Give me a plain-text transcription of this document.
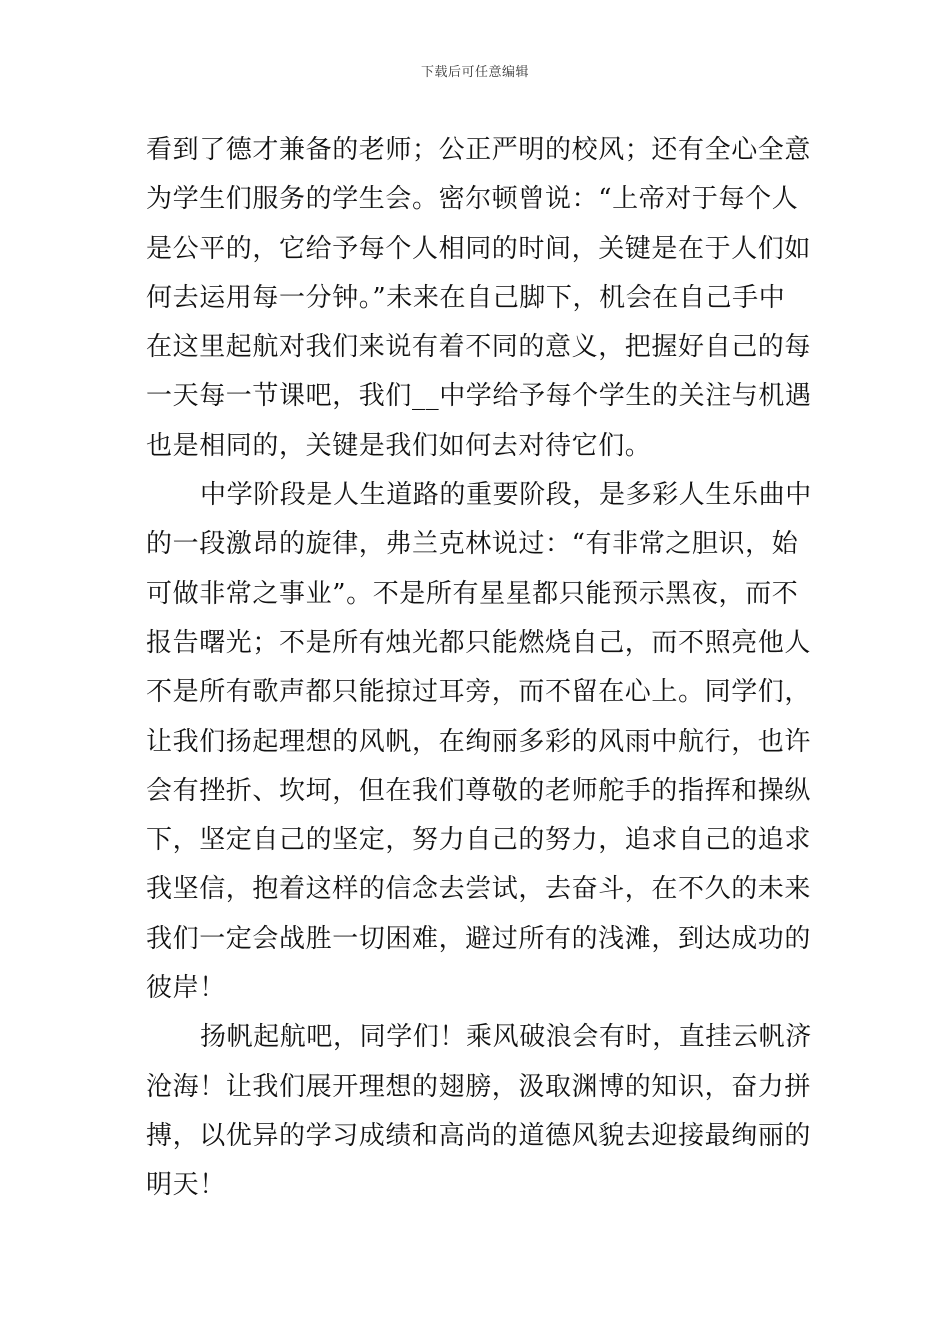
下载后可任意编辑
看到了德才兼备的老师；公正严明的校风；还有全心全意
为学生们服务的学生会。密尔顿曾说：“上帝对于每个人
是公平的，它给予每个人相同的时间，关键是在于人们如
何去运用每一分钟。”未来在自己脚下，机会在自己手中
在这里起航对我们来说有着不同的意义，把握好自己的每
一天每一节课吧，我们__中学给予每个学生的关注与机遇
也是相同的，关键是我们如何去对待它们。
中学阶段是人生道路的重要阶段，是多彩人生乐曲中
的一段激昂的旋律，弗兰克林说过：“有非常之胆识，始
可做非常之事业”。不是所有星星都只能预示黑夜，而不
报告曙光；不是所有烛光都只能燃烧自己，而不照亮他人
不是所有歌声都只能掠过耳旁，而不留在心上。同学们，
让我们扬起理想的风帆，在绚丽多彩的风雨中航行，也许
会有挫折、坎坷，但在我们尊敬的老师舵手的指挥和操纵
下，坚定自己的坚定，努力自己的努力，追求自己的追求
我坚信，抱着这样的信念去尝试，去奋斗，在不久的未来
我们一定会战胜一切困难，避过所有的浅滩，到达成功的
彼岸！
扬帆起航吧，同学们！乘风破浪会有时，直挂云帆济
沧海！让我们展开理想的翅膀，汲取渊博的知识，奋力拼
搏，以优异的学习成绩和高尚的道德风貌去迎接最绚丽的
明天！
